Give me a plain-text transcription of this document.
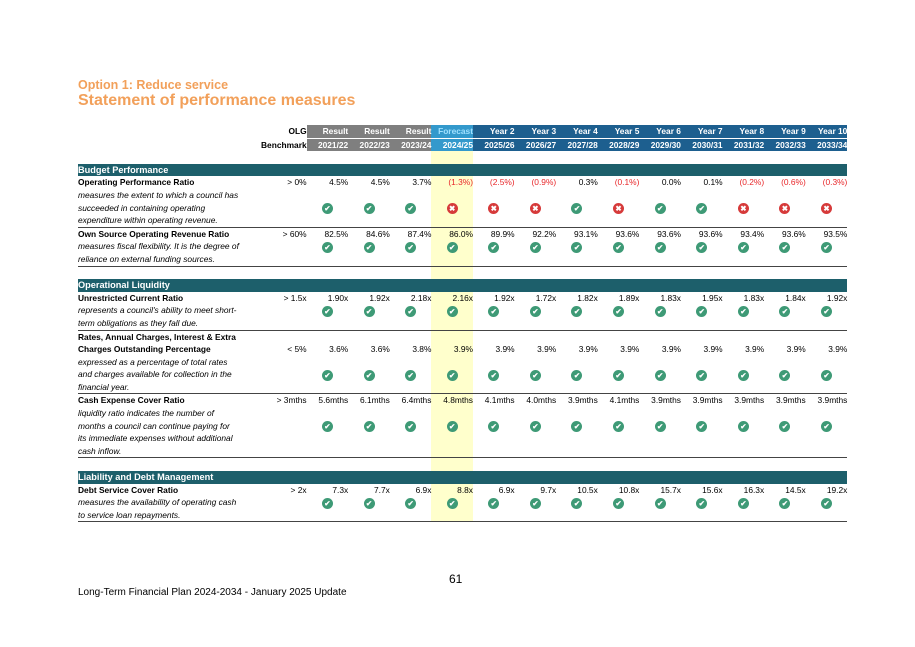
Option 1: Reduce service
Statement of performance measures
	OLG	Result	Result	Result	Forecast	Year 2	Year 3	Year 4	Year 5	Year 6	Year 7	Year 8	Year 9	Year 10
	Benchmark	2021/22	2022/23	2023/24	2024/25	2025/26	2026/27	2027/28	2028/29	2029/30	2030/31	2031/32	2032/33	2033/34

Budget Performance														
Operating Performance Ratio	> 0%	4.5%	4.5%	3.7%	(1.3%)	(2.5%)	(0.9%)	0.3%	(0.1%)	0.0%	0.1%	(0.2%)	(0.6%)	(0.3%)
measures the extent to which a council has														
succeeded in containing operating		✔	✔	✔	✖	✖	✖	✔	✖	✔	✔	✖	✖	✖
expenditure within operating revenue.														
Own Source Operating Revenue Ratio	> 60%	82.5%	84.6%	87.4%	86.0%	89.9%	92.2%	93.1%	93.6%	93.6%	93.6%	93.4%	93.6%	93.5%
measures fiscal flexibility. It is the degree of		✔	✔	✔	✔	✔	✔	✔	✔	✔	✔	✔	✔	✔
reliance on external funding sources.														

Operational Liquidity														
Unrestricted Current Ratio	> 1.5x	1.90x	1.92x	2.18x	2.16x	1.92x	1.72x	1.82x	1.89x	1.83x	1.95x	1.83x	1.84x	1.92x
represents a council's ability to meet short-		✔	✔	✔	✔	✔	✔	✔	✔	✔	✔	✔	✔	✔
term obligations as they fall due.														
Rates, Annual Charges, Interest & Extra														
Charges Outstanding Percentage	< 5%	3.6%	3.6%	3.8%	3.9%	3.9%	3.9%	3.9%	3.9%	3.9%	3.9%	3.9%	3.9%	3.9%
expressed as a percentage of total rates														
and charges available for collection in the		✔	✔	✔	✔	✔	✔	✔	✔	✔	✔	✔	✔	✔
financial year.														
Cash Expense Cover Ratio	> 3mths	5.6mths	6.1mths	6.4mths	4.8mths	4.1mths	4.0mths	3.9mths	4.1mths	3.9mths	3.9mths	3.9mths	3.9mths	3.9mths
liquidity ratio indicates the number of														
months a council can continue paying for		✔	✔	✔	✔	✔	✔	✔	✔	✔	✔	✔	✔	✔
its immediate expenses without additional														
cash inflow.														

Liability and Debt Management														
Debt Service Cover Ratio	> 2x	7.3x	7.7x	6.9x	8.8x	6.9x	9.7x	10.5x	10.8x	15.7x	15.6x	16.3x	14.5x	19.2x
measures the availability of operating cash		✔	✔	✔	✔	✔	✔	✔	✔	✔	✔	✔	✔	✔
to service loan repayments.														
61
Long-Term Financial Plan 2024-2034 - January 2025 Update
